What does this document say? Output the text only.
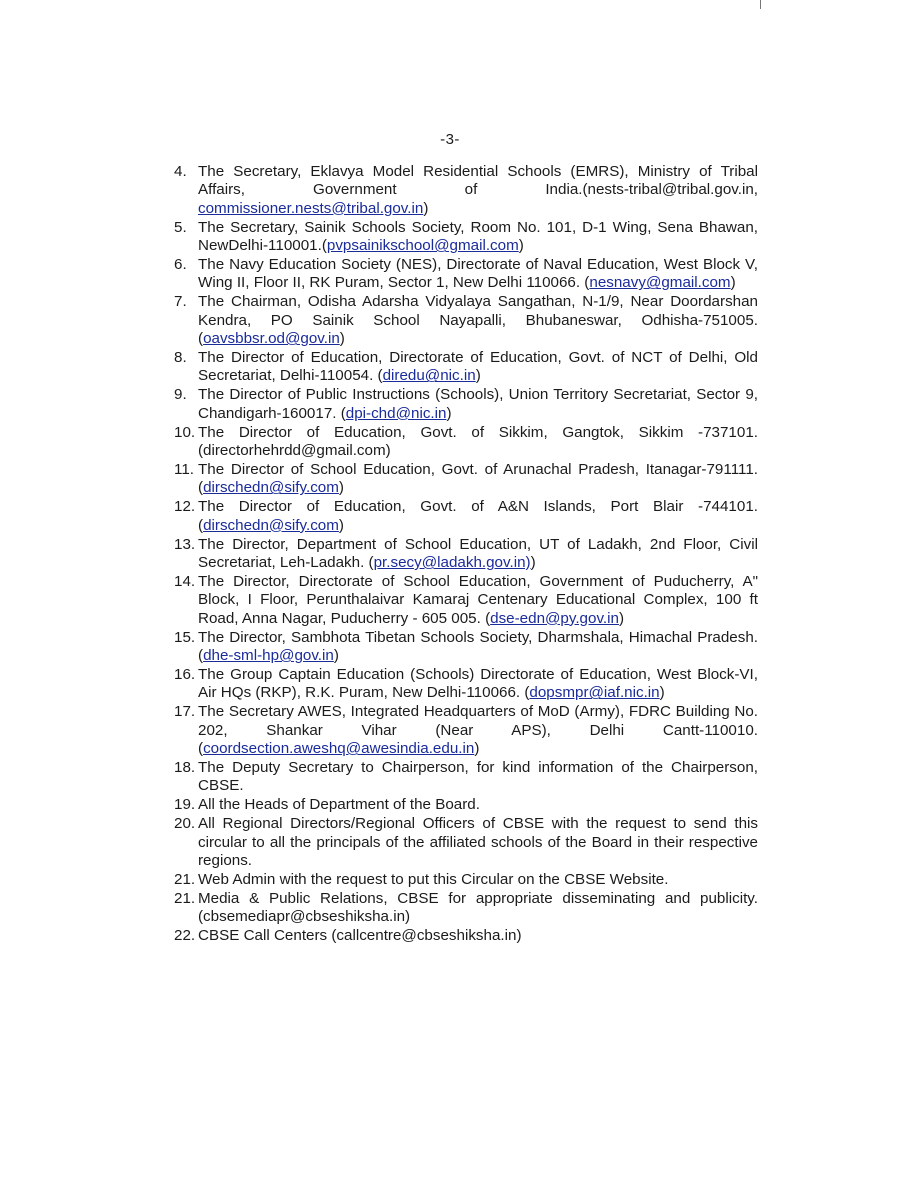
-3-
4. The Secretary, Eklavya Model Residential Schools (EMRS), Ministry of Tribal Affairs, Government of India.(nests-tribal@tribal.gov.in, commissioner.nests@tribal.gov.in)
5. The Secretary, Sainik Schools Society, Room No. 101, D-1 Wing, Sena Bhawan, NewDelhi-110001.(pvpsainikschool@gmail.com)
6. The Navy Education Society (NES), Directorate of Naval Education, West Block V, Wing II, Floor II, RK Puram, Sector 1, New Delhi 110066. (nesnavy@gmail.com)
7. The Chairman, Odisha Adarsha Vidyalaya Sangathan, N-1/9, Near Doordarshan Kendra, PO Sainik School Nayapalli, Bhubaneswar, Odhisha-751005. (oavsbbsr.od@gov.in)
8. The Director of Education, Directorate of Education, Govt. of NCT of Delhi, Old Secretariat, Delhi-110054. (diredu@nic.in)
9. The Director of Public Instructions (Schools), Union Territory Secretariat, Sector 9, Chandigarh-160017. (dpi-chd@nic.in)
10. The Director of Education, Govt. of Sikkim, Gangtok, Sikkim -737101. (directorhehrdd@gmail.com)
11. The Director of School Education, Govt. of Arunachal Pradesh, Itanagar-791111. (dirschedn@sify.com)
12. The Director of Education, Govt. of A&N Islands, Port Blair -744101. (dirschedn@sify.com)
13. The Director, Department of School Education, UT of Ladakh, 2nd Floor, Civil Secretariat, Leh-Ladakh. (pr.secy@ladakh.gov.in))
14. The Director, Directorate of School Education, Government of Puducherry, A" Block, I Floor, Perunthalaivar Kamaraj Centenary Educational Complex, 100 ft Road, Anna Nagar, Puducherry - 605 005. (dse-edn@py.gov.in)
15. The Director, Sambhota Tibetan Schools Society, Dharmshala, Himachal Pradesh. (dhe-sml-hp@gov.in)
16. The Group Captain Education (Schools) Directorate of Education, West Block-VI, Air HQs (RKP), R.K. Puram, New Delhi-110066. (dopsmpr@iaf.nic.in)
17. The Secretary AWES, Integrated Headquarters of MoD (Army), FDRC Building No. 202, Shankar Vihar (Near APS), Delhi Cantt-110010. (coordsection.aweshq@awesindia.edu.in)
18. The Deputy Secretary to Chairperson, for kind information of the Chairperson, CBSE.
19. All the Heads of Department of the Board.
20. All Regional Directors/Regional Officers of CBSE with the request to send this circular to all the principals of the affiliated schools of the Board in their respective regions.
21. Web Admin with the request to put this Circular on the CBSE Website.
21. Media & Public Relations, CBSE for appropriate disseminating and publicity. (cbsemediapr@cbseshiksha.in)
22. CBSE Call Centers (callcentre@cbseshiksha.in)
